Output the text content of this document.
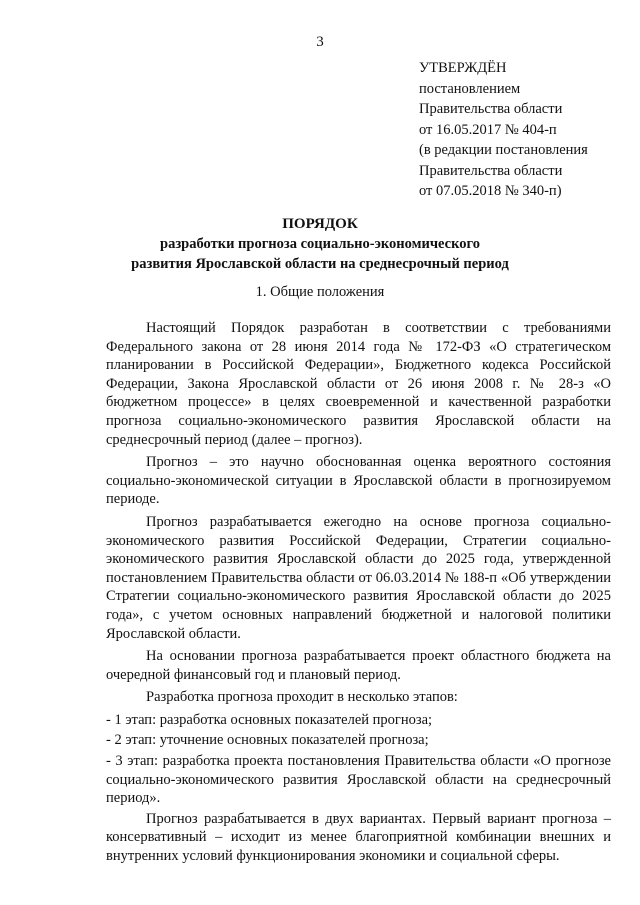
3
УТВЕРЖДЁН
постановлением
Правительства области
от 16.05.2017 № 404-п
(в редакции постановления
Правительства области
от 07.05.2018 № 340-п)
ПОРЯДОК
разработки прогноза социально-экономического
развития Ярославской области на среднесрочный период
1. Общие положения

Настоящий Порядок разработан в соответствии с требованиями Федерального закона от 28 июня 2014 года № 172-ФЗ «О стратегическом планировании в Российской Федерации», Бюджетного кодекса Российской Федерации, Закона Ярославской области от 26 июня 2008 г. № 28-з «О бюджетном процессе» в целях своевременной и качественной разработки прогноза социально-экономического развития Ярославской области на среднесрочный период (далее – прогноз).

Прогноз – это научно обоснованная оценка вероятного состояния социально-экономической ситуации в Ярославской области в прогнозируемом периоде.

Прогноз разрабатывается ежегодно на основе прогноза социально-экономического развития Российской Федерации, Стратегии социально-экономического развития Ярославской области до 2025 года, утвержденной постановлением Правительства области от 06.03.2014 № 188-п «Об утверждении Стратегии социально-экономического развития Ярославской области до 2025 года», с учетом основных направлений бюджетной и налоговой политики Ярославской области.

На основании прогноза разрабатывается проект областного бюджета на очередной финансовый год и плановый период.

Разработка прогноза проходит в несколько этапов:

- 1 этап: разработка основных показателей прогноза;

- 2 этап: уточнение основных показателей прогноза;

- 3 этап: разработка проекта постановления Правительства области «О прогнозе социально-экономического развития Ярославской области на среднесрочный период».

Прогноз разрабатывается в двух вариантах. Первый вариант прогноза – консервативный – исходит из менее благоприятной комбинации внешних и внутренних условий функционирования экономики и социальной сферы.
